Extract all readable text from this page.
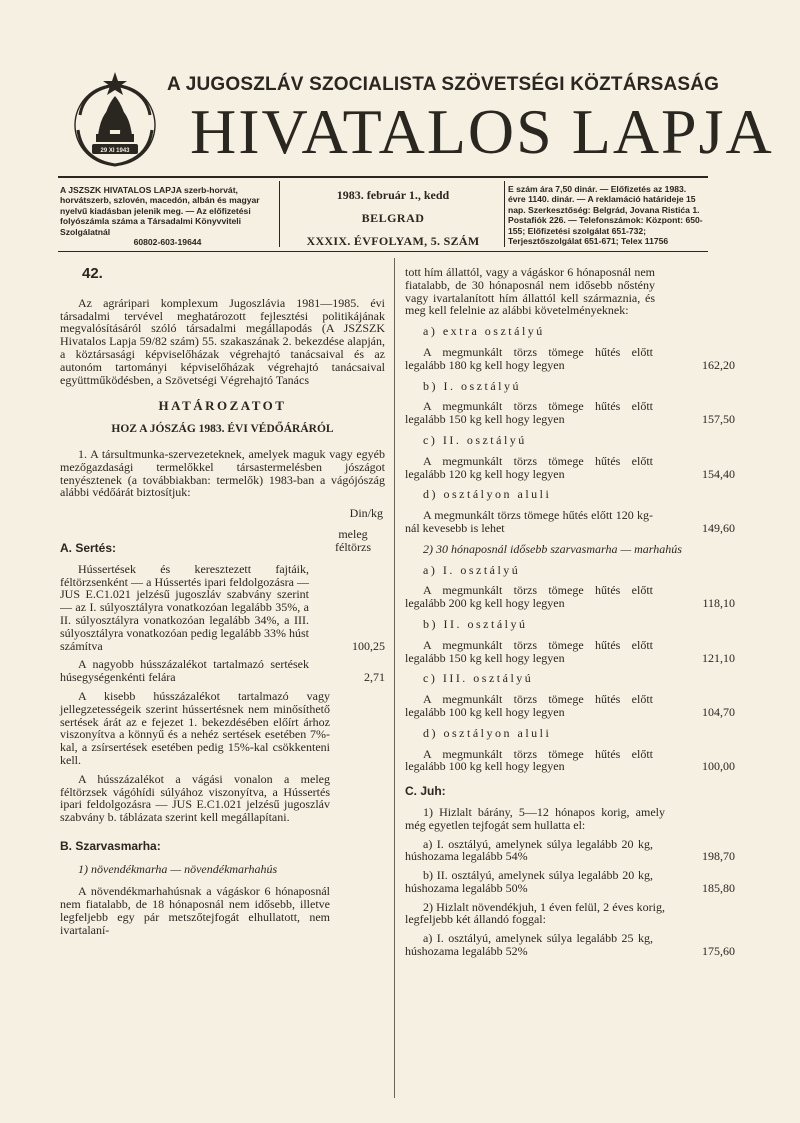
29 XI 1943
A JUGOSZLÁV SZOCIALISTA SZÖVETSÉGI KÖZTÁRSASÁG
HIVATALOS LAPJA
A JSZSZK HIVATALOS LAPJA szerb-horvát, horvátszerb, szlovén, macedón, albán és magyar nyelvű kiadásban jelenik meg. — Az előfizetési folyószámla száma a Társadalmi Könyvviteli Szolgálatnál
60802-603-19644
1983. február 1., kedd
BELGRAD
XXXIX. ÉVFOLYAM, 5. SZÁM
E szám ára 7,50 dinár. — Előfizetés az 1983. évre 1140. dinár. — A reklamáció határideje 15 nap. Szerkesztőség: Belgrád, Jovana Ristića 1. Postafiók 226. — Telefonszámok: Központ: 650-155; Előfizetési szolgálat 651-732; Terjesztőszolgálat 651-671; Telex 11756
42.

Az agráripari komplexum Jugoszlávia 1981—1985. évi társadalmi tervével meghatározott fejlesztési politikájának megvalósításáról szóló társadalmi megállapodás (A JSZSZK Hivatalos Lapja 59/82 szám) 55. szakaszának 2. bekezdése alapján, a köztársasági képviselőházak végrehajtó tanácsaival és az autonóm tartományi képviselőházak végrehajtó tanácsaival együttműködésben, a Szövetségi Végrehajtó Tanács

HATÁROZATOT
HOZ A JÓSZÁG 1983. ÉVI VÉDŐÁRÁRÓL

1. A társultmunka-szervezeteknek, amelyek maguk vagy egyéb mezőgazdasági termelőkkel társastermelésben jószágot tenyésztenek (a továbbiakban: termelők) 1983-ban a vágójószág alábbi védőárát biztosítjuk:

Din/kg
meleg féltörzs
A. Sertés:

Hússertések és keresztezett fajtáik, féltörzsenként — a Hússertés ipari feldolgozásra — JUS E.C1.021 jelzésű jugoszláv szabvány szerint — az I. súlyosztályra vonatkozóan legalább 35%, a II. súlyosztályra vonatkozóan legalább 34%, a III. súlyosztályra vonatkozóan pedig legalább 33% húst számítva	100,25

A nagyobb hússzázalékot tartalmazó sertések húsegységenkénti felára	2,71

A kisebb hússzázalékot tartalmazó vagy jellegzetességeik szerint hússertésnek nem minősíthető sertések árát az e fejezet 1. bekezdésében előírt árhoz viszonyítva a könnyű és a nehéz sertések esetében 7%-kal, a zsírsertések esetében pedig 15%-kal csökkenteni kell.

A hússzázalékot a vágási vonalon a meleg féltörzsek vágóhídi súlyához viszonyítva, a Hússertés ipari feldolgozásra — JUS E.C1.021 jelzésű jugoszláv szabvány b. táblázata szerint kell megállapítani.

B. Szarvasmarha:

1) növendékmarha — növendékmarhahús

A növendékmarhahúsnak a vágáskor 6 hónaposnál nem fiatalabb, de 18 hónaposnál nem idősebb, illetve legfeljebb egy pár metszőtejfogát elhullatott, nem ivartalaní-

tott hím állattól, vagy a vágáskor 6 hónaposnál nem fiatalabb, de 30 hónaposnál nem idősebb nőstény vagy ivartalanított hím állattól kell származnia, és meg kell felelnie az alábbi követelményeknek:

a) extra osztályú

A megmunkált törzs tömege hűtés előtt legalább 180 kg kell hogy legyen	162,20

b) I. osztályú

A megmunkált törzs tömege hűtés előtt legalább 150 kg kell hogy legyen	157,50

c) II. osztályú

A megmunkált törzs tömege hűtés előtt legalább 120 kg kell hogy legyen	154,40

d) osztályon aluli

A megmunkált törzs tömege hűtés előtt 120 kg-nál kevesebb is lehet	149,60

2) 30 hónaposnál idősebb szarvasmarha — marhahús

a) I. osztályú

A megmunkált törzs tömege hűtés előtt legalább 200 kg kell hogy legyen	118,10

b) II. osztályú

A megmunkált törzs tömege hűtés előtt legalább 150 kg kell hogy legyen	121,10

c) III. osztályú

A megmunkált törzs tömege hűtés előtt legalább 100 kg kell hogy legyen	104,70

d) osztályon aluli

A megmunkált törzs tömege hűtés előtt legalább 100 kg kell hogy legyen	100,00
C. Juh:

1) Hizlalt bárány, 5—12 hónapos korig, amely még egyetlen tejfogát sem hullatta el:

a) I. osztályú, amelynek súlya legalább 20 kg, húshozama legalább 54%	198,70

b) II. osztályú, amelynek súlya legalább 20 kg, húshozama legalább 50%	185,80

2) Hizlalt növendékjuh, 1 éven felül, 2 éves korig, legfeljebb két állandó foggal:

a) I. osztályú, amelynek súlya legalább 25 kg, húshozama legalább 52%	175,60
